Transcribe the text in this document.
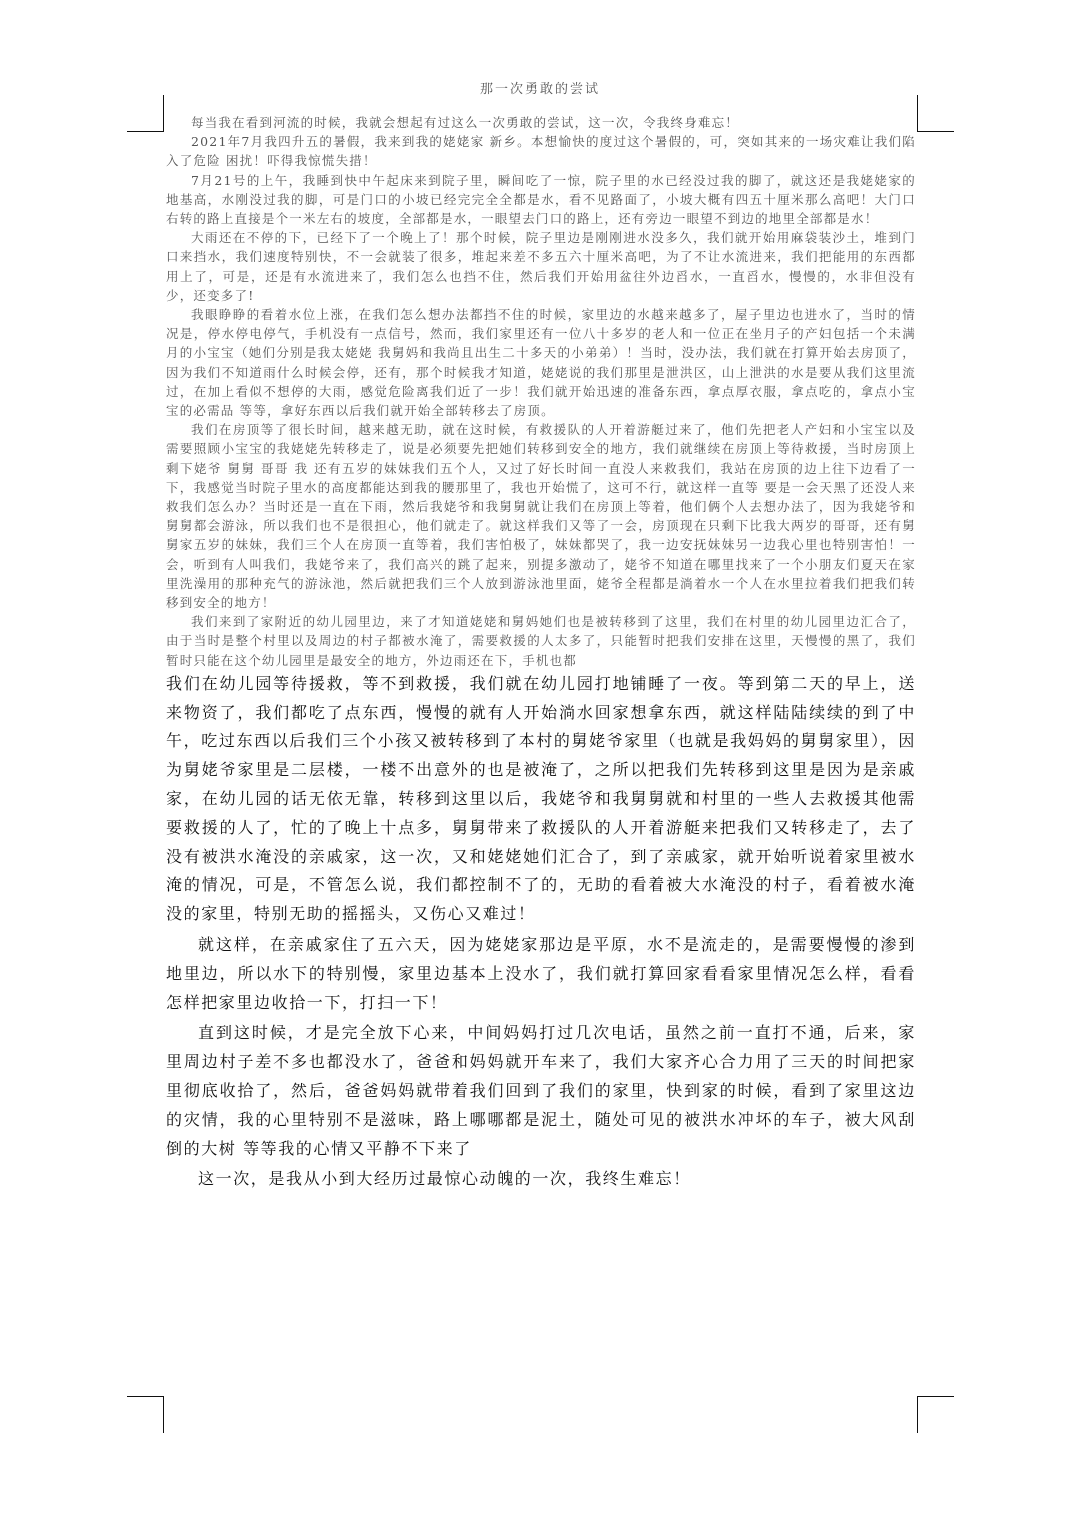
那一次勇敢的尝试

每当我在看到河流的时候，我就会想起有过这么一次勇敢的尝试，这一次，令我终身难忘！

2021年7月我四升五的暑假，我来到我的姥姥家 新乡。本想愉快的度过这个暑假的，可，突如其来的一场灾难让我们陷入了危险 困扰！吓得我惊慌失措！

7月21号的上午，我睡到快中午起床来到院子里，瞬间吃了一惊，院子里的水已经没过我的脚了，就这还是我姥姥家的地基高，水刚没过我的脚，可是门口的小坡已经完完全全都是水，看不见路面了，小坡大概有四五十厘米那么高吧！大门口右转的路上直接是个一米左右的坡度，全部都是水，一眼望去门口的路上，还有旁边一眼望不到边的地里全部都是水！

大雨还在不停的下，已经下了一个晚上了！那个时候，院子里边是刚刚进水没多久，我们就开始用麻袋装沙土，堆到门口来挡水，我们速度特别快，不一会就装了很多，堆起来差不多五六十厘米高吧，为了不让水流进来，我们把能用的东西都用上了，可是，还是有水流进来了，我们怎么也挡不住，然后我们开始用盆往外边舀水，一直舀水，慢慢的，水非但没有少，还变多了!

我眼睁睁的看着水位上涨，在我们怎么想办法都挡不住的时候，家里边的水越来越多了，屋子里边也进水了，当时的情况是，停水停电停气，手机没有一点信号，然而，我们家里还有一位八十多岁的老人和一位正在坐月子的产妇包括一个未满月的小宝宝（她们分别是我太姥姥 我舅妈和我尚且出生二十多天的小弟弟）！当时，没办法，我们就在打算开始去房顶了，因为我们不知道雨什么时候会停，还有，那个时候我才知道，姥姥说的我们那里是泄洪区，山上泄洪的水是要从我们这里流过，在加上看似不想停的大雨，感觉危险离我们近了一步！我们就开始迅速的准备东西，拿点厚衣服，拿点吃的，拿点小宝宝的必需品 等等，拿好东西以后我们就开始全部转移去了房顶。

我们在房顶等了很长时间，越来越无助，就在这时候，有救援队的人开着游艇过来了，他们先把老人产妇和小宝宝以及需要照顾小宝宝的我姥姥先转移走了，说是必须要先把她们转移到安全的地方，我们就继续在房顶上等待救援，当时房顶上剩下姥爷 舅舅 哥哥 我 还有五岁的妹妹我们五个人，又过了好长时间一直没人来救我们，我站在房顶的边上往下边看了一下，我感觉当时院子里水的高度都能达到我的腰那里了，我也开始慌了，这可不行，就这样一直等 要是一会天黑了还没人来救我们怎么办？当时还是一直在下雨，然后我姥爷和我舅舅就让我们在房顶上等着，他们俩个人去想办法了，因为我姥爷和舅舅都会游泳，所以我们也不是很担心，他们就走了。就这样我们又等了一会，房顶现在只剩下比我大两岁的哥哥，还有舅舅家五岁的妹妹，我们三个人在房顶一直等着，我们害怕极了，妹妹都哭了，我一边安抚妹妹另一边我心里也特别害怕！一会，听到有人叫我们，我姥爷来了，我们高兴的跳了起来，别提多激动了，姥爷不知道在哪里找来了一个小朋友们夏天在家里洗澡用的那种充气的游泳池，然后就把我们三个人放到游泳池里面，姥爷全程都是淌着水一个人在水里拉着我们把我们转移到安全的地方！

我们来到了家附近的幼儿园里边，来了才知道姥姥和舅妈她们也是被转移到了这里，我们在村里的幼儿园里边汇合了，由于当时是整个村里以及周边的村子都被水淹了，需要救援的人太多了，只能暂时把我们安排在这里，天慢慢的黑了，我们暂时只能在这个幼儿园里是最安全的地方，外边雨还在下，手机也都

我们在幼儿园等待援救，等不到救援，我们就在幼儿园打地铺睡了一夜。等到第二天的早上，送来物资了，我们都吃了点东西，慢慢的就有人开始淌水回家想拿东西，就这样陆陆续续的到了中午，吃过东西以后我们三个小孩又被转移到了本村的舅姥爷家里（也就是我妈妈的舅舅家里），因为舅姥爷家里是二层楼，一楼不出意外的也是被淹了，之所以把我们先转移到这里是因为是亲戚家，在幼儿园的话无依无靠，转移到这里以后，我姥爷和我舅舅就和村里的一些人去救援其他需要救援的人了，忙的了晚上十点多，舅舅带来了救援队的人开着游艇来把我们又转移走了，去了没有被洪水淹没的亲戚家，这一次，又和姥姥她们汇合了，到了亲戚家，就开始听说着家里被水淹的情况，可是，不管怎么说，我们都控制不了的，无助的看着被大水淹没的村子，看着被水淹没的家里，特别无助的摇摇头，又伤心又难过！

就这样，在亲戚家住了五六天，因为姥姥家那边是平原，水不是流走的，是需要慢慢的渗到地里边，所以水下的特别慢，家里边基本上没水了，我们就打算回家看看家里情况怎么样，看看怎样把家里边收拾一下，打扫一下！

直到这时候，才是完全放下心来，中间妈妈打过几次电话，虽然之前一直打不通，后来，家里周边村子差不多也都没水了，爸爸和妈妈就开车来了，我们大家齐心合力用了三天的时间把家里彻底收拾了，然后，爸爸妈妈就带着我们回到了我们的家里，快到家的时候，看到了家里这边的灾情，我的心里特别不是滋味，路上哪哪都是泥土，随处可见的被洪水冲坏的车子，被大风刮倒的大树 等等我的心情又平静不下来了

这一次，是我从小到大经历过最惊心动魄的一次，我终生难忘！
